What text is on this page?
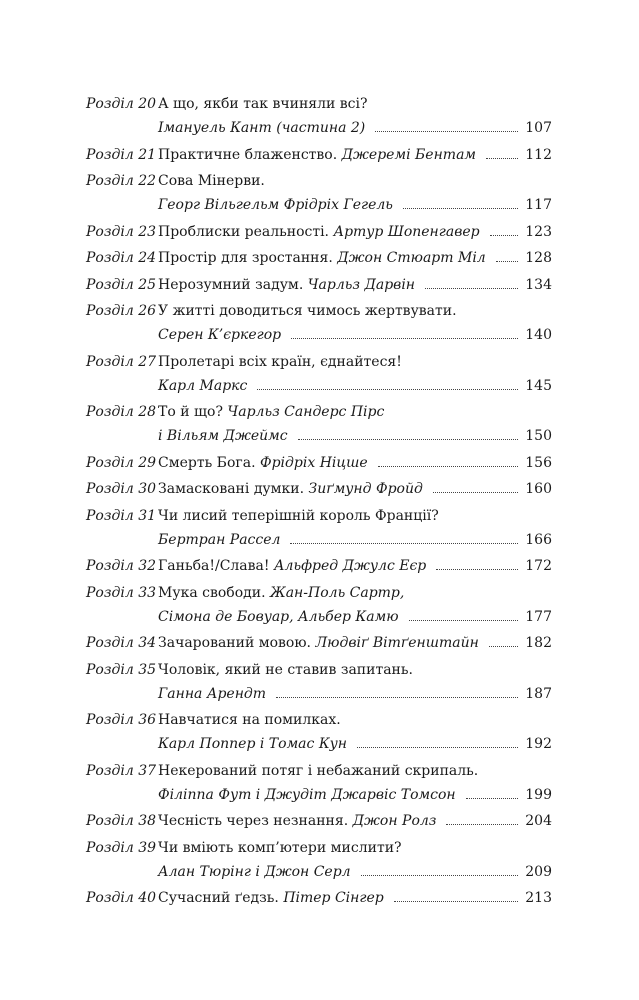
Розділ 20 А що, якби так вчиняли всі?
Імануель Кант (частина 2)	107
Розділ 21 Практичне блаженство. Джеремі Бентам	112
Розділ 22 Сова Мінерви.
Георг Вільгельм Фрідріх Гегель	117
Розділ 23 Проблиски реальності. Артур Шопенгавер	123
Розділ 24 Простір для зростання. Джон Стюарт Міл	128
Розділ 25 Нерозумний задум. Чарльз Дарвін	134
Розділ 26 У житті доводиться чимось жертвувати.
Серен К’єркегор	140
Розділ 27 Пролетарі всіх країн, єднайтеся!
Карл Маркс	145
Розділ 28 То й що? Чарльз Сандерс Пірс
і Вільям Джеймс	150
Розділ 29 Смерть Бога. Фрідріх Ніцше	156
Розділ 30 Замасковані думки. Зиґмунд Фройд	160
Розділ 31 Чи лисий теперішній король Франції?
Бертран Рассел	166
Розділ 32 Ганьба!/Слава! Альфред Джулс Еєр	172
Розділ 33 Мука свободи. Жан-Поль Сартр,
Сімона де Бовуар, Альбер Камю	177
Розділ 34 Зачарований мовою. Людвіґ Вітґенштайн	182
Розділ 35 Чоловік, який не ставив запитань.
Ганна Арендт	187
Розділ 36 Навчатися на помилках.
Карл Поппер і Томас Кун	192
Розділ 37 Некерований потяг і небажаний скрипаль.
Філіппа Фут і Джудіт Джарвіс Томсон	199
Розділ 38 Чесність через незнання. Джон Ролз	204
Розділ 39 Чи вміють комп’ютери мислити?
Алан Тюрінг і Джон Серл	209
Розділ 40 Сучасний ґедзь. Пітер Сінгер	213
